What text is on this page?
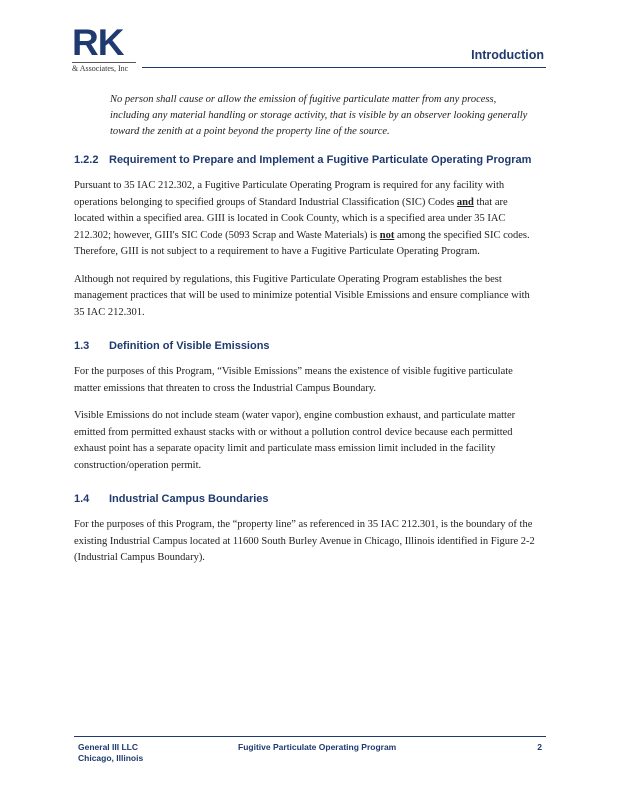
RK
& Associates, Inc
Introduction
No person shall cause or allow the emission of fugitive particulate matter from any process, including any material handling or storage activity, that is visible by an observer looking generally toward the zenith at a point beyond the property line of the source.
1.2.2 Requirement to Prepare and Implement a Fugitive Particulate Operating Program

Pursuant to 35 IAC 212.302, a Fugitive Particulate Operating Program is required for any facility with operations belonging to specified groups of Standard Industrial Classification (SIC) Codes and that are located within a specified area. GIII is located in Cook County, which is a specified area under 35 IAC 212.302; however, GIII's SIC Code (5093 Scrap and Waste Materials) is not among the specified SIC codes. Therefore, GIII is not subject to a requirement to have a Fugitive Particulate Operating Program.

Although not required by regulations, this Fugitive Particulate Operating Program establishes the best management practices that will be used to minimize potential Visible Emissions and ensure compliance with 35 IAC 212.301.

1.3	Definition of Visible Emissions

For the purposes of this Program, “Visible Emissions” means the existence of visible fugitive particulate matter emissions that threaten to cross the Industrial Campus Boundary.

Visible Emissions do not include steam (water vapor), engine combustion exhaust, and particulate matter emitted from permitted exhaust stacks with or without a pollution control device because each permitted exhaust point has a separate opacity limit and particulate mass emission limit included in the facility construction/operation permit.

1.4	Industrial Campus Boundaries

For the purposes of this Program, the “property line” as referenced in 35 IAC 212.301, is the boundary of the existing Industrial Campus located at 11600 South Burley Avenue in Chicago, Illinois identified in Figure 2-2 (Industrial Campus Boundary).

General III LLC
Chicago, Illinois
Fugitive Particulate Operating Program	2
